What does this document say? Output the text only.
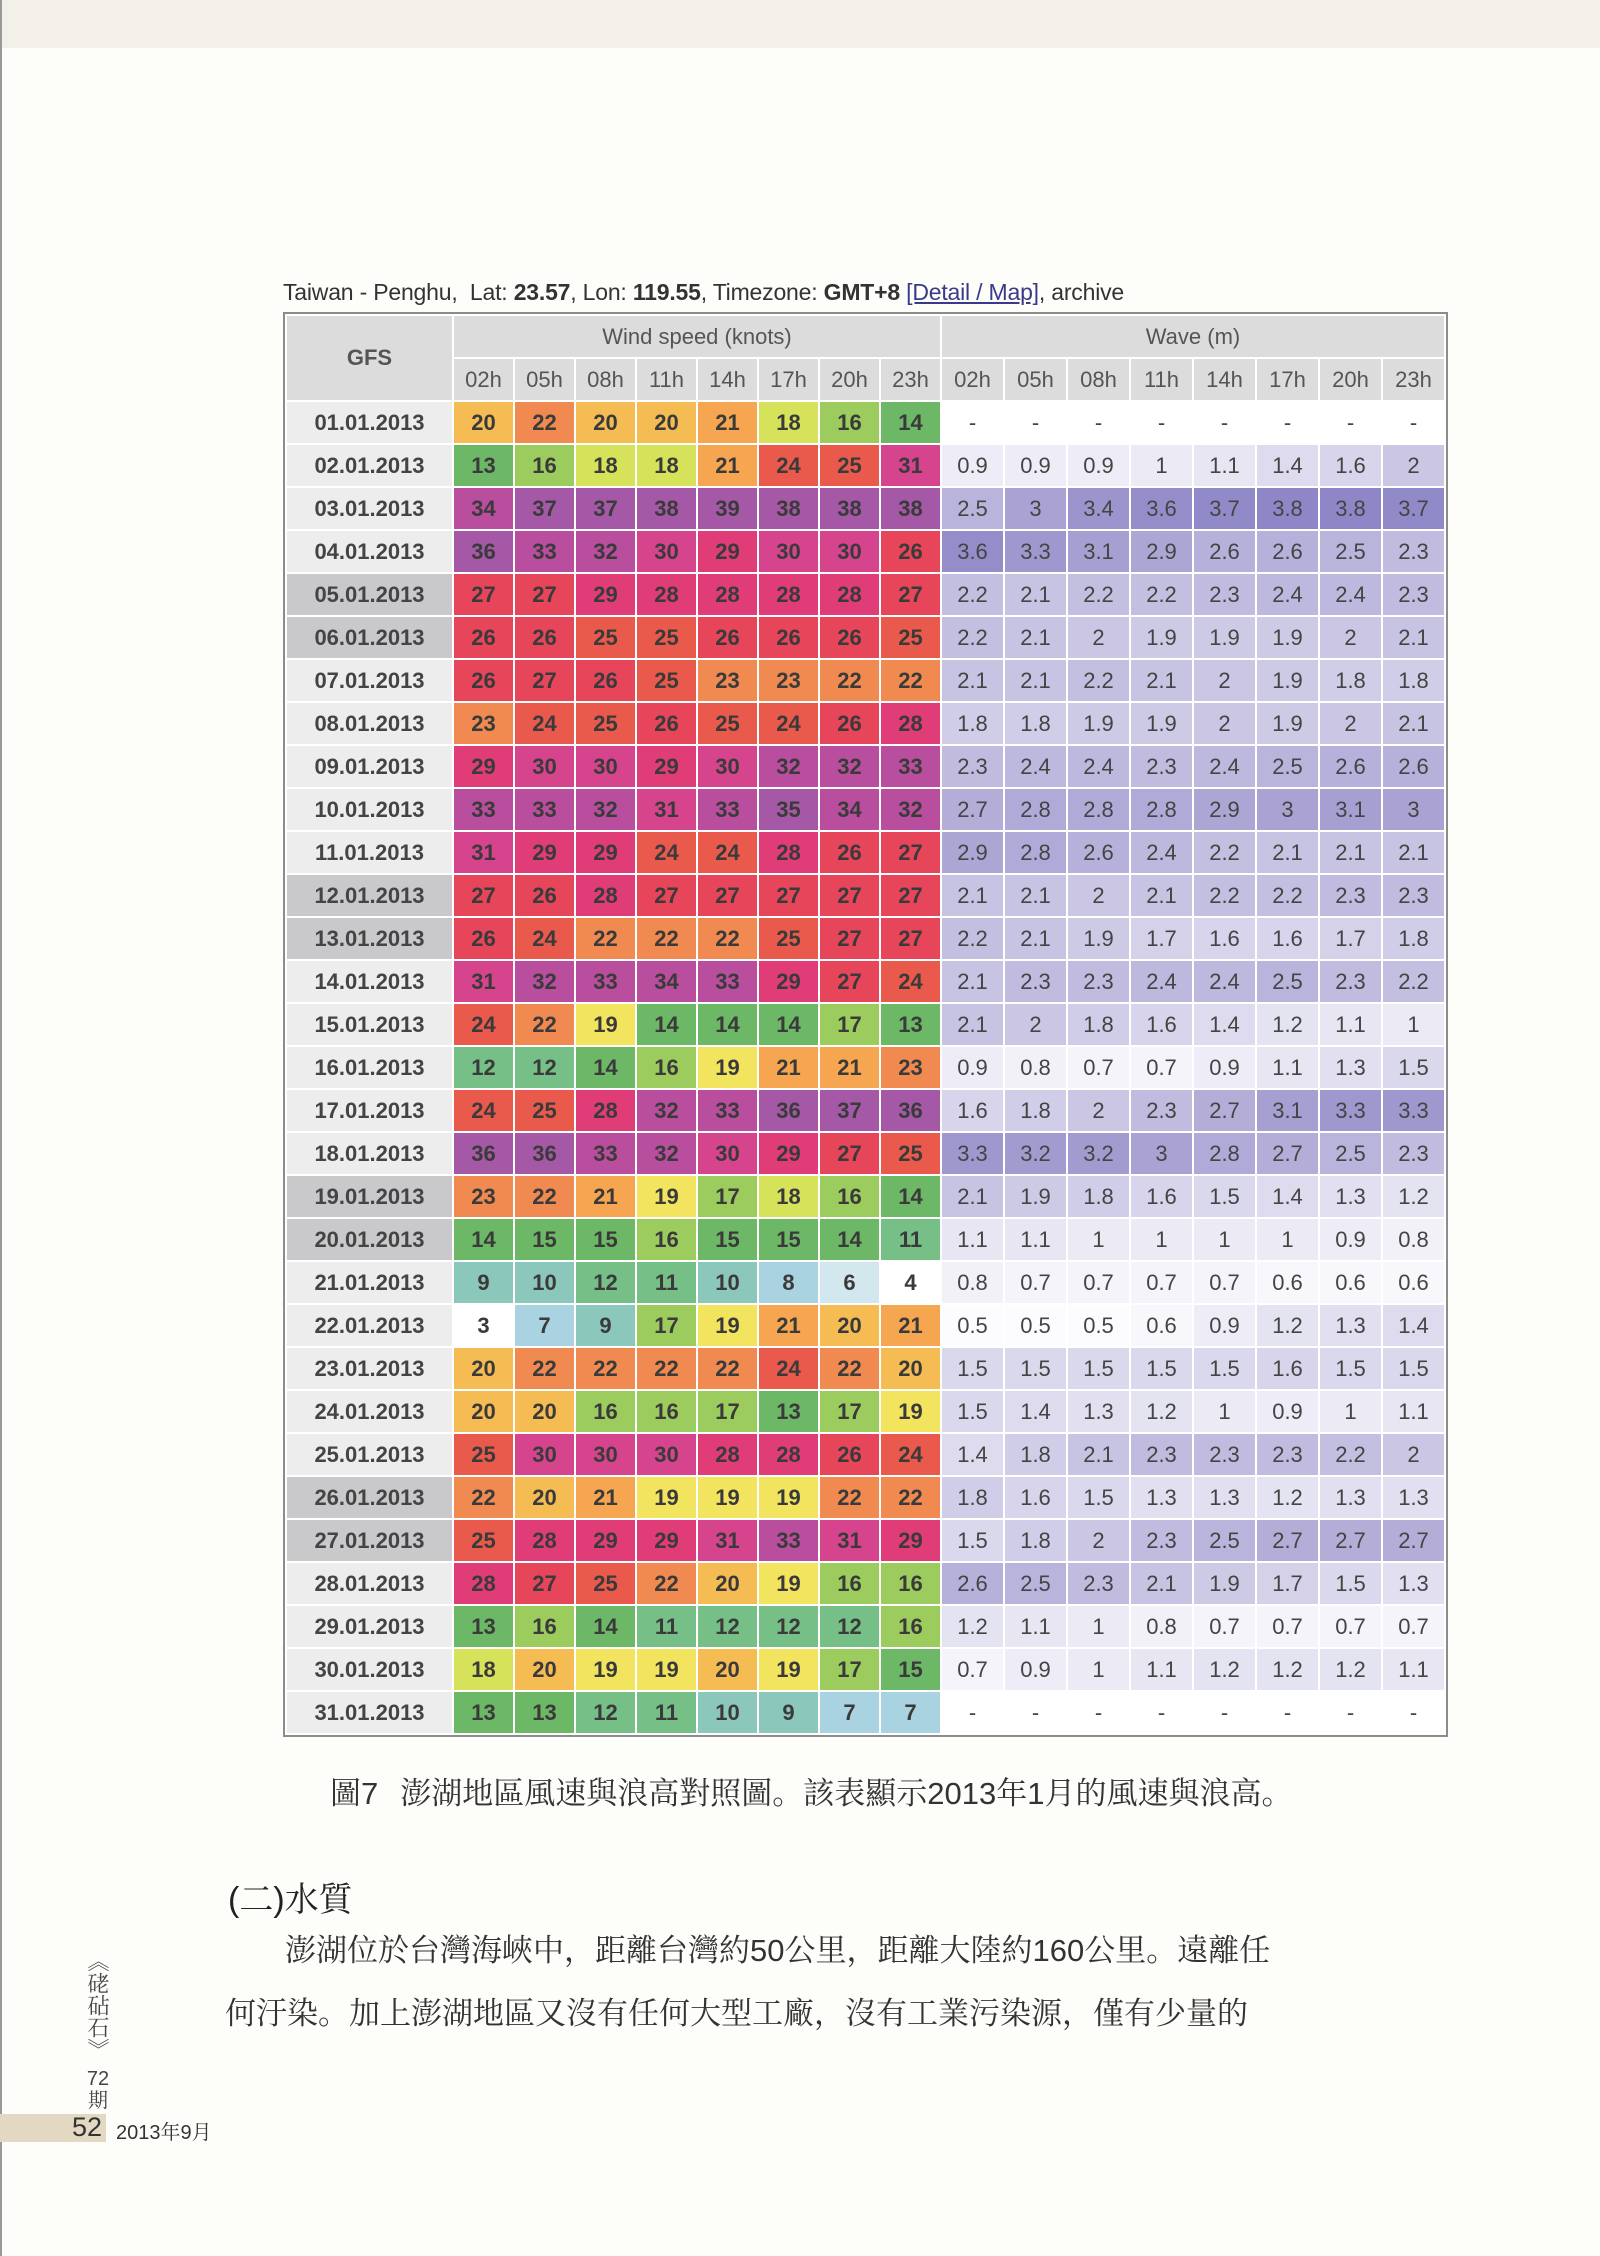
Taiwan - Penghu,  Lat: 23.57, Lon: 119.55, Timezone: GMT+8 [Detail / Map], archive
GFS	Wind speed (knots)								Wave (m)							
	02h	05h	08h	11h	14h	17h	20h	23h	02h	05h	08h	11h	14h	17h	20h	23h
01.01.2013	20	22	20	20	21	18	16	14	-	-	-	-	-	-	-	-
02.01.2013	13	16	18	18	21	24	25	31	0.9	0.9	0.9	1	1.1	1.4	1.6	2
03.01.2013	34	37	37	38	39	38	38	38	2.5	3	3.4	3.6	3.7	3.8	3.8	3.7
04.01.2013	36	33	32	30	29	30	30	26	3.6	3.3	3.1	2.9	2.6	2.6	2.5	2.3
05.01.2013	27	27	29	28	28	28	28	27	2.2	2.1	2.2	2.2	2.3	2.4	2.4	2.3
06.01.2013	26	26	25	25	26	26	26	25	2.2	2.1	2	1.9	1.9	1.9	2	2.1
07.01.2013	26	27	26	25	23	23	22	22	2.1	2.1	2.2	2.1	2	1.9	1.8	1.8
08.01.2013	23	24	25	26	25	24	26	28	1.8	1.8	1.9	1.9	2	1.9	2	2.1
09.01.2013	29	30	30	29	30	32	32	33	2.3	2.4	2.4	2.3	2.4	2.5	2.6	2.6
10.01.2013	33	33	32	31	33	35	34	32	2.7	2.8	2.8	2.8	2.9	3	3.1	3
11.01.2013	31	29	29	24	24	28	26	27	2.9	2.8	2.6	2.4	2.2	2.1	2.1	2.1
12.01.2013	27	26	28	27	27	27	27	27	2.1	2.1	2	2.1	2.2	2.2	2.3	2.3
13.01.2013	26	24	22	22	22	25	27	27	2.2	2.1	1.9	1.7	1.6	1.6	1.7	1.8
14.01.2013	31	32	33	34	33	29	27	24	2.1	2.3	2.3	2.4	2.4	2.5	2.3	2.2
15.01.2013	24	22	19	14	14	14	17	13	2.1	2	1.8	1.6	1.4	1.2	1.1	1
16.01.2013	12	12	14	16	19	21	21	23	0.9	0.8	0.7	0.7	0.9	1.1	1.3	1.5
17.01.2013	24	25	28	32	33	36	37	36	1.6	1.8	2	2.3	2.7	3.1	3.3	3.3
18.01.2013	36	36	33	32	30	29	27	25	3.3	3.2	3.2	3	2.8	2.7	2.5	2.3
19.01.2013	23	22	21	19	17	18	16	14	2.1	1.9	1.8	1.6	1.5	1.4	1.3	1.2
20.01.2013	14	15	15	16	15	15	14	11	1.1	1.1	1	1	1	1	0.9	0.8
21.01.2013	9	10	12	11	10	8	6	4	0.8	0.7	0.7	0.7	0.7	0.6	0.6	0.6
22.01.2013	3	7	9	17	19	21	20	21	0.5	0.5	0.5	0.6	0.9	1.2	1.3	1.4
23.01.2013	20	22	22	22	22	24	22	20	1.5	1.5	1.5	1.5	1.5	1.6	1.5	1.5
24.01.2013	20	20	16	16	17	13	17	19	1.5	1.4	1.3	1.2	1	0.9	1	1.1
25.01.2013	25	30	30	30	28	28	26	24	1.4	1.8	2.1	2.3	2.3	2.3	2.2	2
26.01.2013	22	20	21	19	19	19	22	22	1.8	1.6	1.5	1.3	1.3	1.2	1.3	1.3
27.01.2013	25	28	29	29	31	33	31	29	1.5	1.8	2	2.3	2.5	2.7	2.7	2.7
28.01.2013	28	27	25	22	20	19	16	16	2.6	2.5	2.3	2.1	1.9	1.7	1.5	1.3
29.01.2013	13	16	14	11	12	12	12	16	1.2	1.1	1	0.8	0.7	0.7	0.7	0.7
30.01.2013	18	20	19	19	20	19	17	15	0.7	0.9	1	1.1	1.2	1.2	1.2	1.1
31.01.2013	13	13	12	11	10	9	7	7	-	-	-	-	-	-	-	-
圖7 澎湖地區風速與浪高對照圖。該表顯示2013年1月的風速與浪高。
(二)水質
澎湖位於台灣海峽中，距離台灣約50公里，距離大陸約160公里。遠離任
何汙染。加上澎湖地區又沒有任何大型工廠，沒有工業污染源，僅有少量的
《硓砧石》
72
期
52 2013年9月
